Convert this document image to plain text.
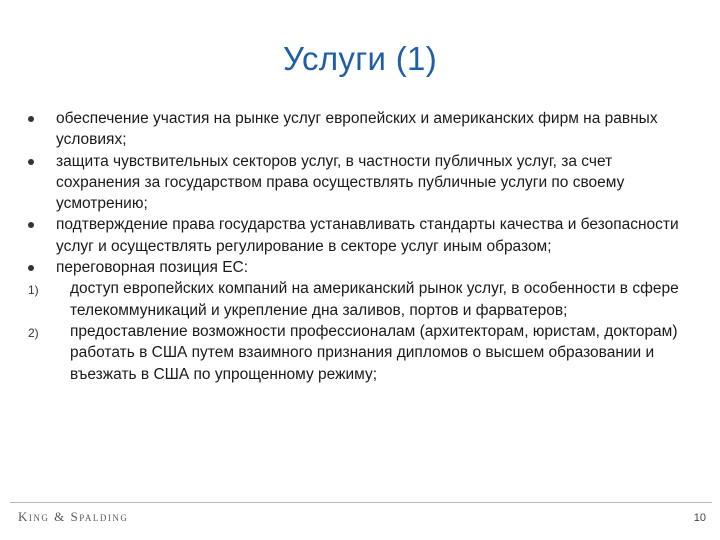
Услуги (1)

обеспечение участия на рынке услуг европейских и американских фирм на равных условиях;

защита чувствительных секторов услуг, в частности публичных услуг, за счет сохранения за государством права осуществлять публичные услуги по своему усмотрению;

подтверждение права государства устанавливать стандарты качества и безопасности услуг и осуществлять регулирование в секторе услуг иным образом;

переговорная позиция ЕС:

1) доступ европейских компаний на американский рынок услуг, в особенности в сфере телекоммуникаций и укрепление дна заливов, портов и фарватеров;

2) предоставление возможности профессионалам (архитекторам, юристам, докторам) работать в США путем взаимного признания дипломов о высшем образовании и въезжать в США по упрощенному режиму;

King & Spalding	10
